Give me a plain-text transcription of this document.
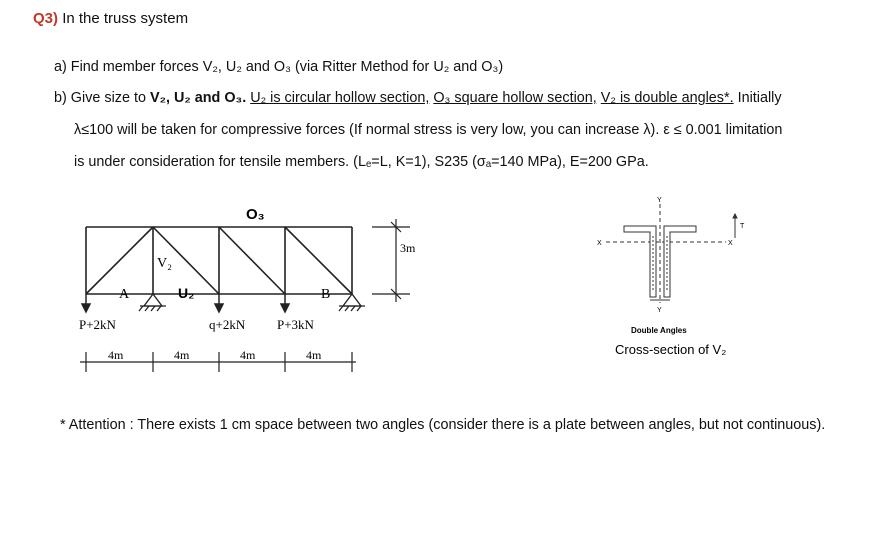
Q3) In the truss system
a) Find member forces V₂, U₂ and O₃ (via Ritter Method for U₂ and O₃)
b) Give size to V₂, U₂ and O₃. U₂ is circular hollow section, O₃ square hollow section, V₂ is double angles*. Initially
λ≤100 will be taken for compressive forces (If normal stress is very low, you can increase λ). ε ≤ 0.001 limitation
is under consideration for tensile members. (Lₑ=L, K=1), S235 (σₐ=140 MPa), E=200 GPa.
O₃
V₂
U₂
A	B
3m
P+2kN	q+2kN P+3kN
4m	4m	4m	4m
Y
Y
X	X
T
Double Angles
Cross-section of V₂
* Attention : There exists 1 cm space between two angles (consider there is a plate between angles, but not continuous).
